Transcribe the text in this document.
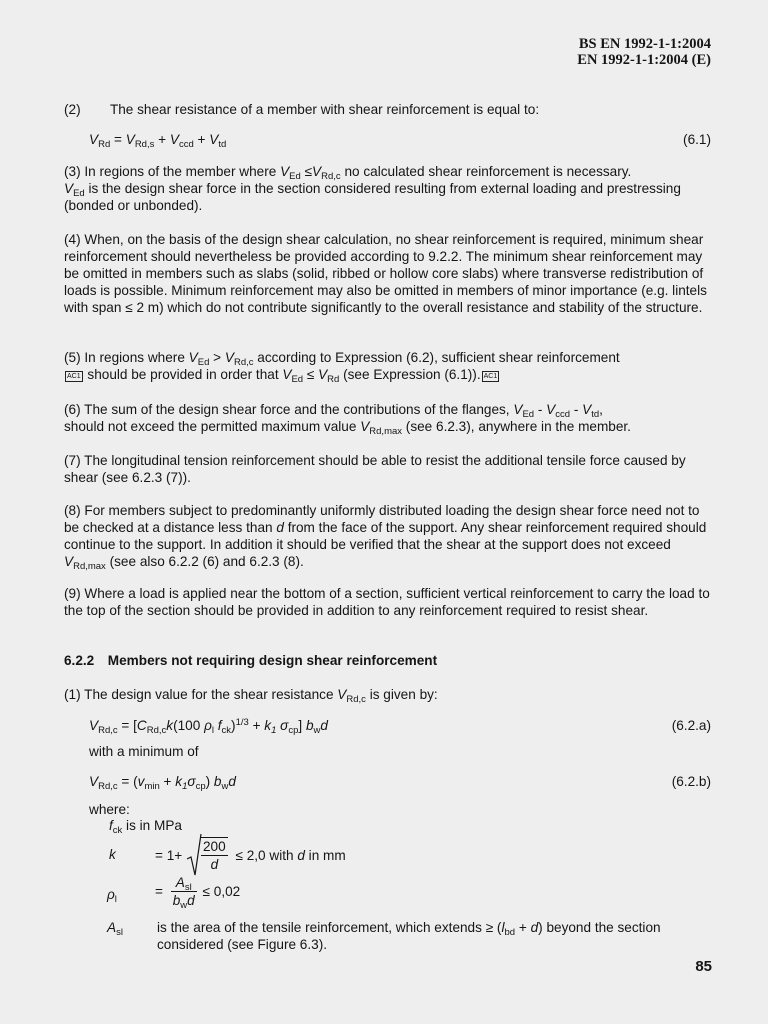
BS EN 1992-1-1:2004
EN 1992-1-1:2004 (E)
(2) The shear resistance of a member with shear reinforcement is equal to:
$V_{Rd} = V_{Rd,s} + V_{ccd} + V_{td}$	(6.1)
(3) In regions of the member where $V_{Ed} \le V_{Rd,c}$ no calculated shear reinforcement is necessary.
$V_{Ed}$ is the design shear force in the section considered resulting from external loading and prestressing (bonded or unbonded).
(4) When, on the basis of the design shear calculation, no shear reinforcement is required, minimum shear reinforcement should nevertheless be provided according to 9.2.2. The minimum shear reinforcement may be omitted in members such as slabs (solid, ribbed or hollow core slabs) where transverse redistribution of loads is possible. Minimum reinforcement may also be omitted in members of minor importance (e.g. lintels with span ≤ 2 m) which do not contribute significantly to the overall resistance and stability of the structure.
(5) In regions where $V_{Ed} > V_{Rd,c}$ according to Expression (6.2), sufficient shear reinforcement
AC1 should be provided in order that $V_{Ed} \le V_{Rd}$ (see Expression (6.1)). AC1
(6) The sum of the design shear force and the contributions of the flanges, $V_{Ed} - V_{ccd} - V_{td}$,
should not exceed the permitted maximum value $V_{Rd,max}$ (see 6.2.3), anywhere in the member.
(7) The longitudinal tension reinforcement should be able to resist the additional tensile force caused by shear (see 6.2.3 (7)).
(8) For members subject to predominantly uniformly distributed loading the design shear force need not to be checked at a distance less than d from the face of the support. Any shear reinforcement required should continue to the support. In addition it should be verified that the shear at the support does not exceed $V_{Rd,max}$ (see also 6.2.2 (6) and 6.2.3 (8).
(9) Where a load is applied near the bottom of a section, sufficient vertical reinforcement to carry the load to the top of the section should be provided in addition to any reinforcement required to resist shear.
6.2.2 Members not requiring design shear reinforcement
(1) The design value for the shear resistance $V_{Rd,c}$ is given by:
$V_{Rd,c} = [C_{Rd,c}k(100$ $\rho_l$ $f_{ck})^{1/3} + k_1$ $\sigma_{cp}$] $b_wd$	(6.2.a)
with a minimum of
$V_{Rd,c} = (v_{min} + k_1\sigma_{cp})$ $b_wd$	(6.2.b)
where:
$f_{ck}$ is in MPa
k	= $1+ \frac{200}{d} \le 2,0$ with d in mm
$\rho_l$
= $\frac{A_{sl}}{b_wd} \le 0,02$
$A_{sl}$	is the area of the tensile reinforcement, which extends ≥ $(l_{bd} + d)$ beyond the section considered (see Figure 6.3).
85
